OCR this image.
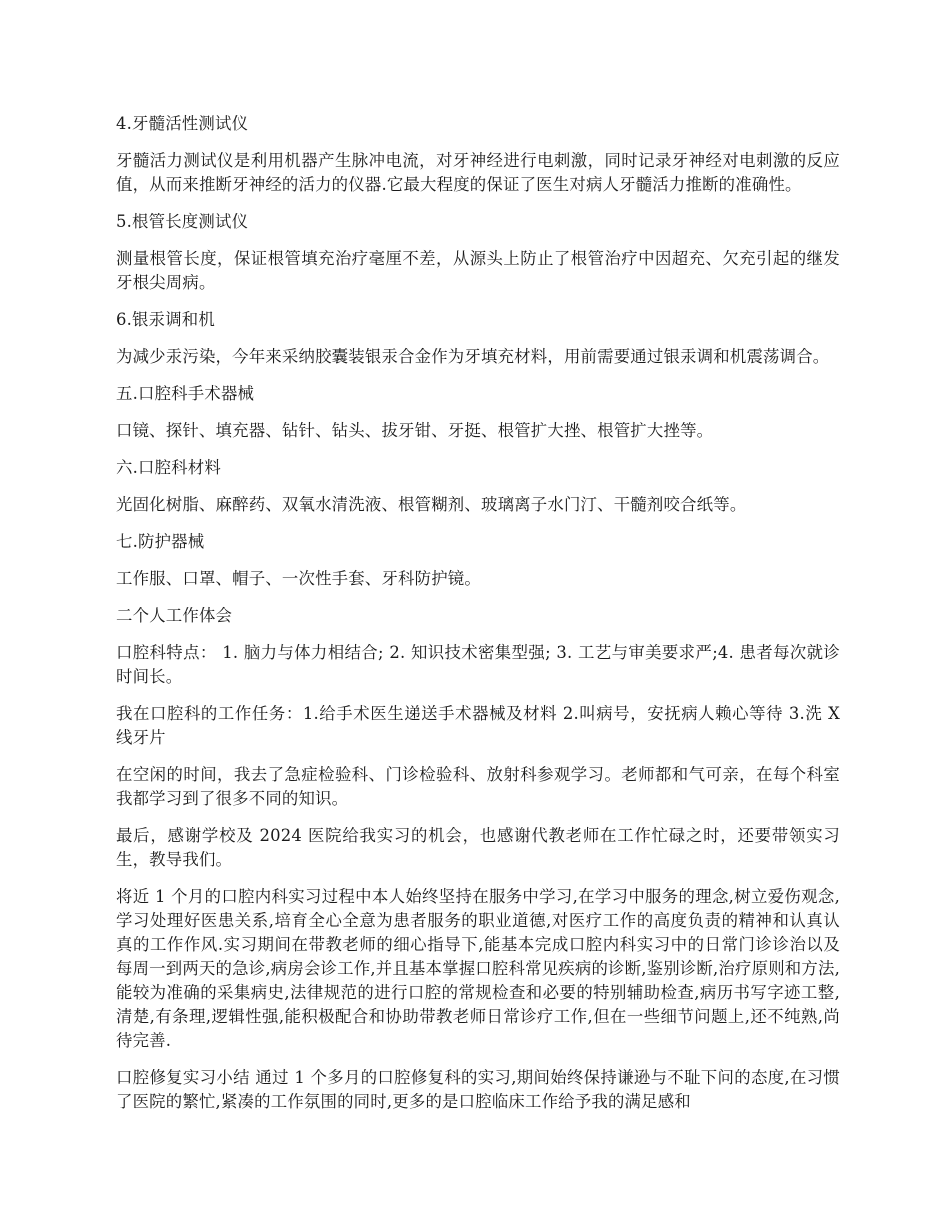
4.牙髓活性测试仪

牙髓活力测试仪是利用机器产生脉冲电流，对牙神经进行电刺激，同时记录牙神经对电刺激的反应值，从而来推断牙神经的活力的仪器.它最大程度的保证了医生对病人牙髓活力推断的准确性。

5.根管长度测试仪

测量根管长度，保证根管填充治疗毫厘不差，从源头上防止了根管治疗中因超充、欠充引起的继发牙根尖周病。

6.银汞调和机

为减少汞污染，今年来采纳胶囊装银汞合金作为牙填充材料，用前需要通过银汞调和机震荡调合。

五.口腔科手术器械

口镜、探针、填充器、钻针、钻头、拔牙钳、牙挺、根管扩大挫、根管扩大挫等。

六.口腔科材料

光固化树脂、麻醉药、双氧水清洗液、根管糊剂、玻璃离子水门汀、干髓剂咬合纸等。

七.防护器械

工作服、口罩、帽子、一次性手套、牙科防护镜。

二个人工作体会

口腔科特点： 1. 脑力与体力相结合; 2. 知识技术密集型强; 3. 工艺与审美要求严;4. 患者每次就诊时间长。

我在口腔科的工作任务：1.给手术医生递送手术器械及材料 2.叫病号，安抚病人赖心等待 3.洗 X 线牙片

在空闲的时间，我去了急症检验科、门诊检验科、放射科参观学习。老师都和气可亲，在每个科室我都学习到了很多不同的知识。

最后，感谢学校及 2024 医院给我实习的机会，也感谢代教老师在工作忙碌之时，还要带领实习生，教导我们。

将近 1 个月的口腔内科实习过程中本人始终坚持在服务中学习,在学习中服务的理念,树立爱伤观念,学习处理好医患关系,培育全心全意为患者服务的职业道德,对医疗工作的高度负责的精神和认真认真的工作作风.实习期间在带教老师的细心指导下,能基本完成口腔内科实习中的日常门诊诊治以及每周一到两天的急诊,病房会诊工作,并且基本掌握口腔科常见疾病的诊断,鉴别诊断,治疗原则和方法,能较为准确的采集病史,法律规范的进行口腔的常规检查和必要的特别辅助检查,病历书写字迹工整,清楚,有条理,逻辑性强,能积极配合和协助带教老师日常诊疗工作,但在一些细节问题上,还不纯熟,尚待完善.

口腔修复实习小结 通过 1 个多月的口腔修复科的实习,期间始终保持谦逊与不耻下问的态度,在习惯了医院的繁忙,紧凑的工作氛围的同时,更多的是口腔临床工作给予我的满足感和
